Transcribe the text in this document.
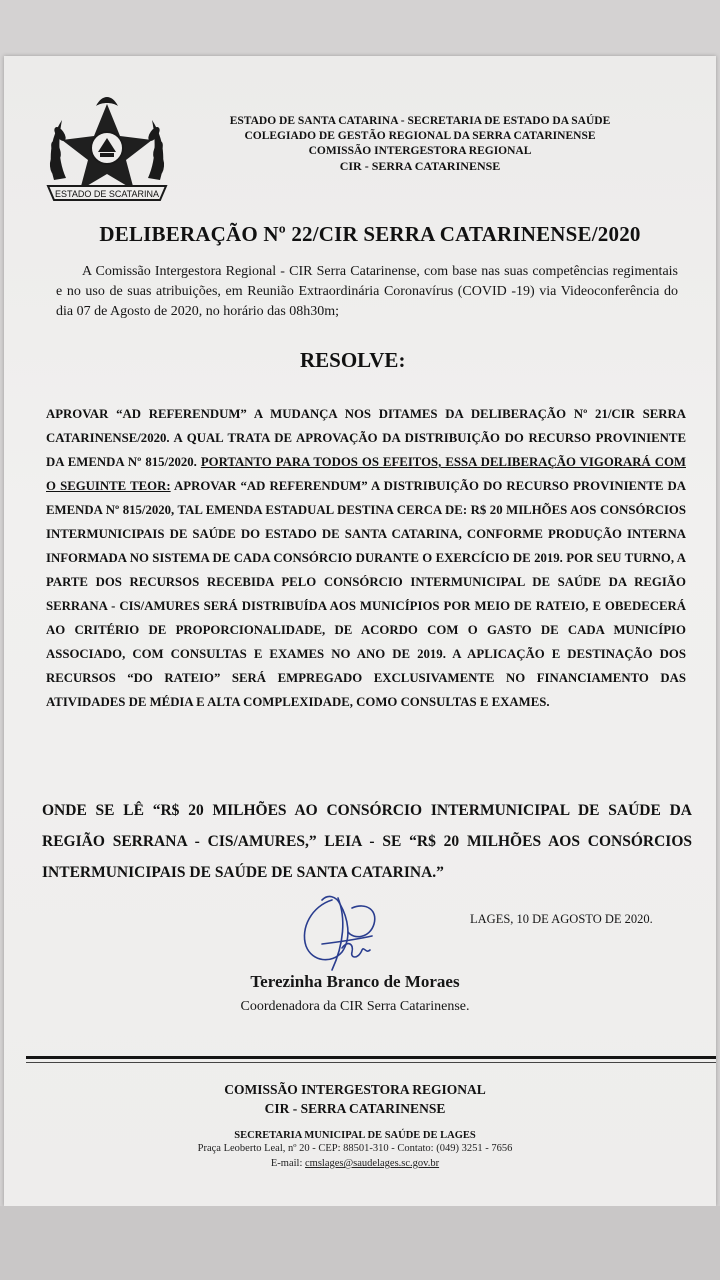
ESTADO DE SCATARINA
ESTADO DE SANTA CATARINA - SECRETARIA DE ESTADO DA SAÚDE
COLEGIADO DE GESTÃO REGIONAL DA SERRA CATARINENSE
COMISSÃO INTERGESTORA REGIONAL
CIR - SERRA CATARINENSE
DELIBERAÇÃO Nº 22/CIR SERRA CATARINENSE/2020
A Comissão Intergestora Regional - CIR Serra Catarinense, com base nas suas competências regimentais e no uso de suas atribuições, em Reunião Extraordinária Coronavírus (COVID -19) via Videoconferência do dia 07 de Agosto de 2020, no horário das 08h30m;
RESOLVE:
APROVAR “AD REFERENDUM” A MUDANÇA NOS DITAMES DA DELIBERAÇÃO Nº 21/CIR SERRA CATARINENSE/2020. A QUAL TRATA DE APROVAÇÃO DA DISTRIBUIÇÃO DO RECURSO PROVINIENTE DA EMENDA Nº 815/2020. PORTANTO PARA TODOS OS EFEITOS, ESSA DELIBERAÇÃO VIGORARÁ COM O SEGUINTE TEOR: APROVAR “AD REFERENDUM” A DISTRIBUIÇÃO DO RECURSO PROVINIENTE DA EMENDA Nº 815/2020, TAL EMENDA ESTADUAL DESTINA CERCA DE: R$ 20 MILHÕES AOS CONSÓRCIOS INTERMUNICIPAIS DE SAÚDE DO ESTADO DE SANTA CATARINA, CONFORME PRODUÇÃO INTERNA INFORMADA NO SISTEMA DE CADA CONSÓRCIO DURANTE O EXERCÍCIO DE 2019. POR SEU TURNO, A PARTE DOS RECURSOS RECEBIDA PELO CONSÓRCIO INTERMUNICIPAL DE SAÚDE DA REGIÃO SERRANA - CIS/AMURES SERÁ DISTRIBUÍDA AOS MUNICÍPIOS POR MEIO DE RATEIO, E OBEDECERÁ AO CRITÉRIO DE PROPORCIONALIDADE, DE ACORDO COM O GASTO DE CADA MUNICÍPIO ASSOCIADO, COM CONSULTAS E EXAMES NO ANO DE 2019. A APLICAÇÃO E DESTINAÇÃO DOS RECURSOS “DO RATEIO” SERÁ EMPREGADO EXCLUSIVAMENTE NO FINANCIAMENTO DAS ATIVIDADES DE MÉDIA E ALTA COMPLEXIDADE, COMO CONSULTAS E EXAMES.
ONDE SE LÊ “R$ 20 MILHÕES AO CONSÓRCIO INTERMUNICIPAL DE SAÚDE DA REGIÃO SERRANA - CIS/AMURES,” LEIA - SE “R$ 20 MILHÕES AOS CONSÓRCIOS INTERMUNICIPAIS DE SAÚDE DE SANTA CATARINA.”
LAGES, 10 DE AGOSTO DE 2020.
Terezinha Branco de Moraes
Coordenadora da CIR Serra Catarinense.
COMISSÃO INTERGESTORA REGIONAL
CIR - SERRA CATARINENSE
SECRETARIA MUNICIPAL DE SAÚDE DE LAGES
Praça Leoberto Leal, nº 20 - CEP: 88501-310 - Contato: (049) 3251 - 7656
E-mail: cmslages@saudelages.sc.gov.br
